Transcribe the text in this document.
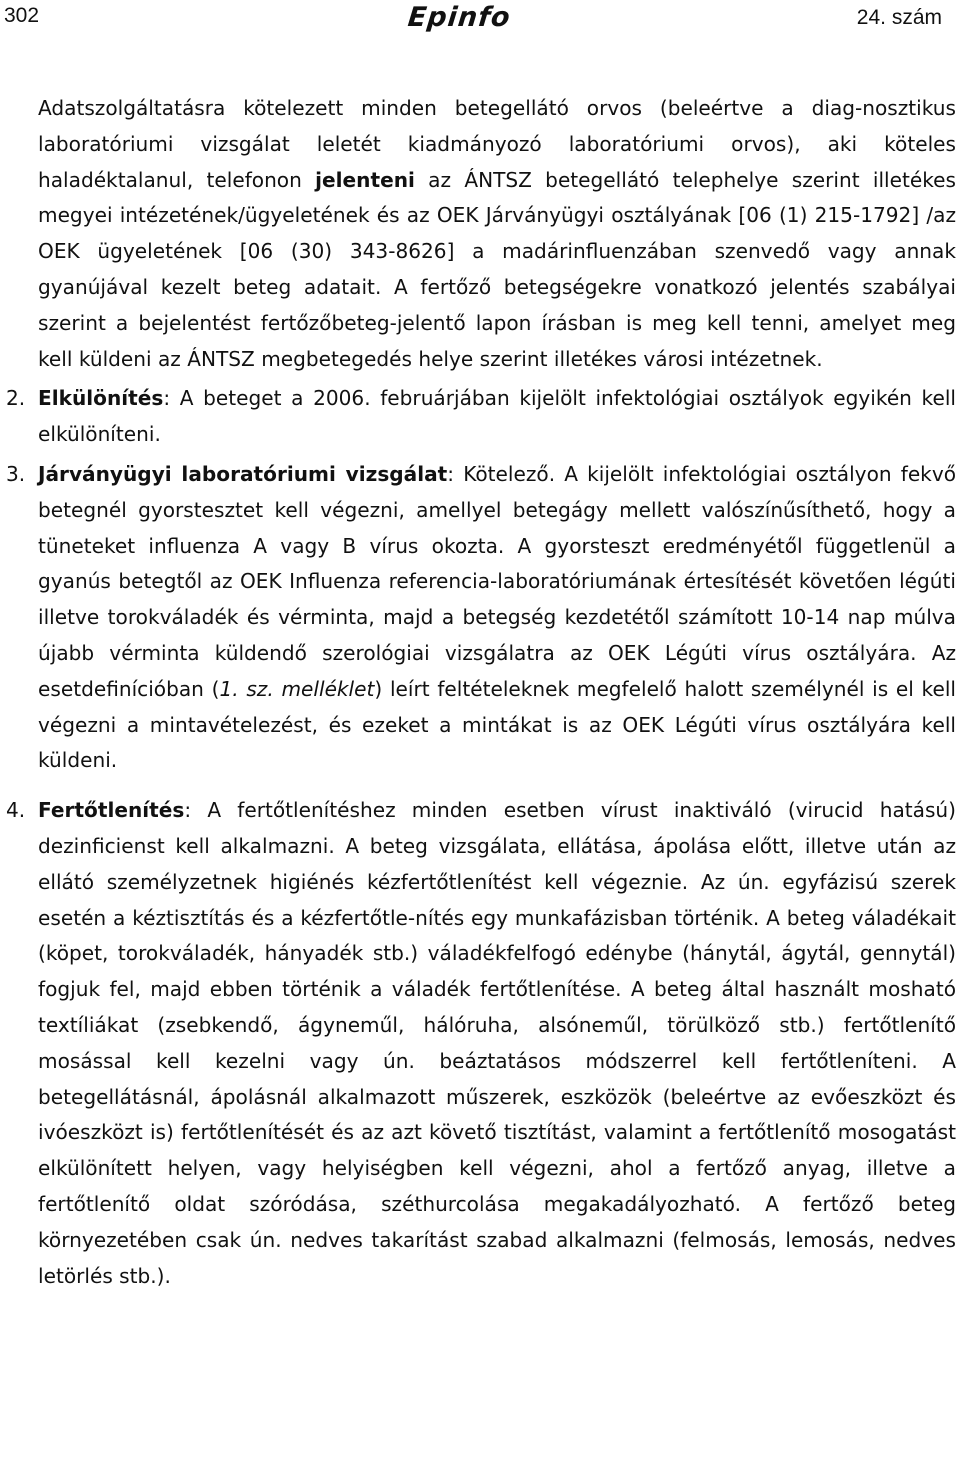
302	Epinfo	24. szám

Adatszolgáltatásra kötelezett minden betegellátó orvos (beleértve a diag-nosztikus laboratóriumi vizsgálat leletét kiadmányozó laboratóriumi orvos), aki köteles haladéktalanul, telefonon jelenteni az ÁNTSZ betegellátó telephelye szerint illetékes megyei intézetének/ügyeletének és az OEK Járványügyi osztályának [06 (1) 215-1792] /az OEK ügyeletének [06 (30) 343-8626] a madárinfluenzában szenvedő vagy annak gyanújával kezelt beteg adatait. A fertőző betegségekre vonatkozó jelentés szabályai szerint a bejelentést fertőzőbeteg-jelentő lapon írásban is meg kell tenni, amelyet meg kell küldeni az ÁNTSZ megbetegedés helye szerint illetékes városi intézetnek.

2. Elkülönítés: A beteget a 2006. februárjában kijelölt infektológiai osztályok egyikén kell elkülöníteni.

3. Járványügyi laboratóriumi vizsgálat: Kötelező. A kijelölt infektológiai osztályon fekvő betegnél gyorstesztet kell végezni, amellyel betegágy mellett valószínűsíthető, hogy a tüneteket influenza A vagy B vírus okozta. A gyorsteszt eredményétől függetlenül a gyanús betegtől az OEK Influenza referencia-laboratóriumának értesítését követően légúti illetve torokváladék és vérminta, majd a betegség kezdetétől számított 10-14 nap múlva újabb vérminta küldendő szerológiai vizsgálatra az OEK Légúti vírus osztályára. Az esetdefinícióban (1. sz. melléklet) leírt feltételeknek megfelelő halott személynél is el kell végezni a mintavételezést, és ezeket a mintákat is az OEK Légúti vírus osztályára kell küldeni.

4. Fertőtlenítés: A fertőtlenítéshez minden esetben vírust inaktiváló (virucid hatású) dezinficienst kell alkalmazni. A beteg vizsgálata, ellátása, ápolása előtt, illetve után az ellátó személyzetnek higiénés kézfertőtlenítést kell végeznie. Az ún. egyfázisú szerek esetén a kéztisztítás és a kézfertőtle-nítés egy munkafázisban történik. A beteg váladékait (köpet, torokváladék, hányadék stb.) váladékfelfogó edénybe (hánytál, ágytál, gennytál) fogjuk fel, majd ebben történik a váladék fertőtlenítése. A beteg által használt mosható textíliákat (zsebkendő, ágyneműl, hálóruha, alsóneműl, törülköző stb.) fertőtlenítő mosással kell kezelni vagy ún. beáztatásos módszerrel kell fertőtleníteni. A betegellátásnál, ápolásnál alkalmazott műszerek, eszközök (beleértve az evőeszközt és ivóeszközt is) fertőtlenítését és az azt követő tisztítást, valamint a fertőtlenítő mosogatást elkülönített helyen, vagy helyiségben kell végezni, ahol a fertőző anyag, illetve a fertőtlenítő oldat szóródása, széthurcolása megakadályozható. A fertőző beteg környezetében csak ún. nedves takarítást szabad alkalmazni (felmosás, lemosás, nedves letörlés stb.).
